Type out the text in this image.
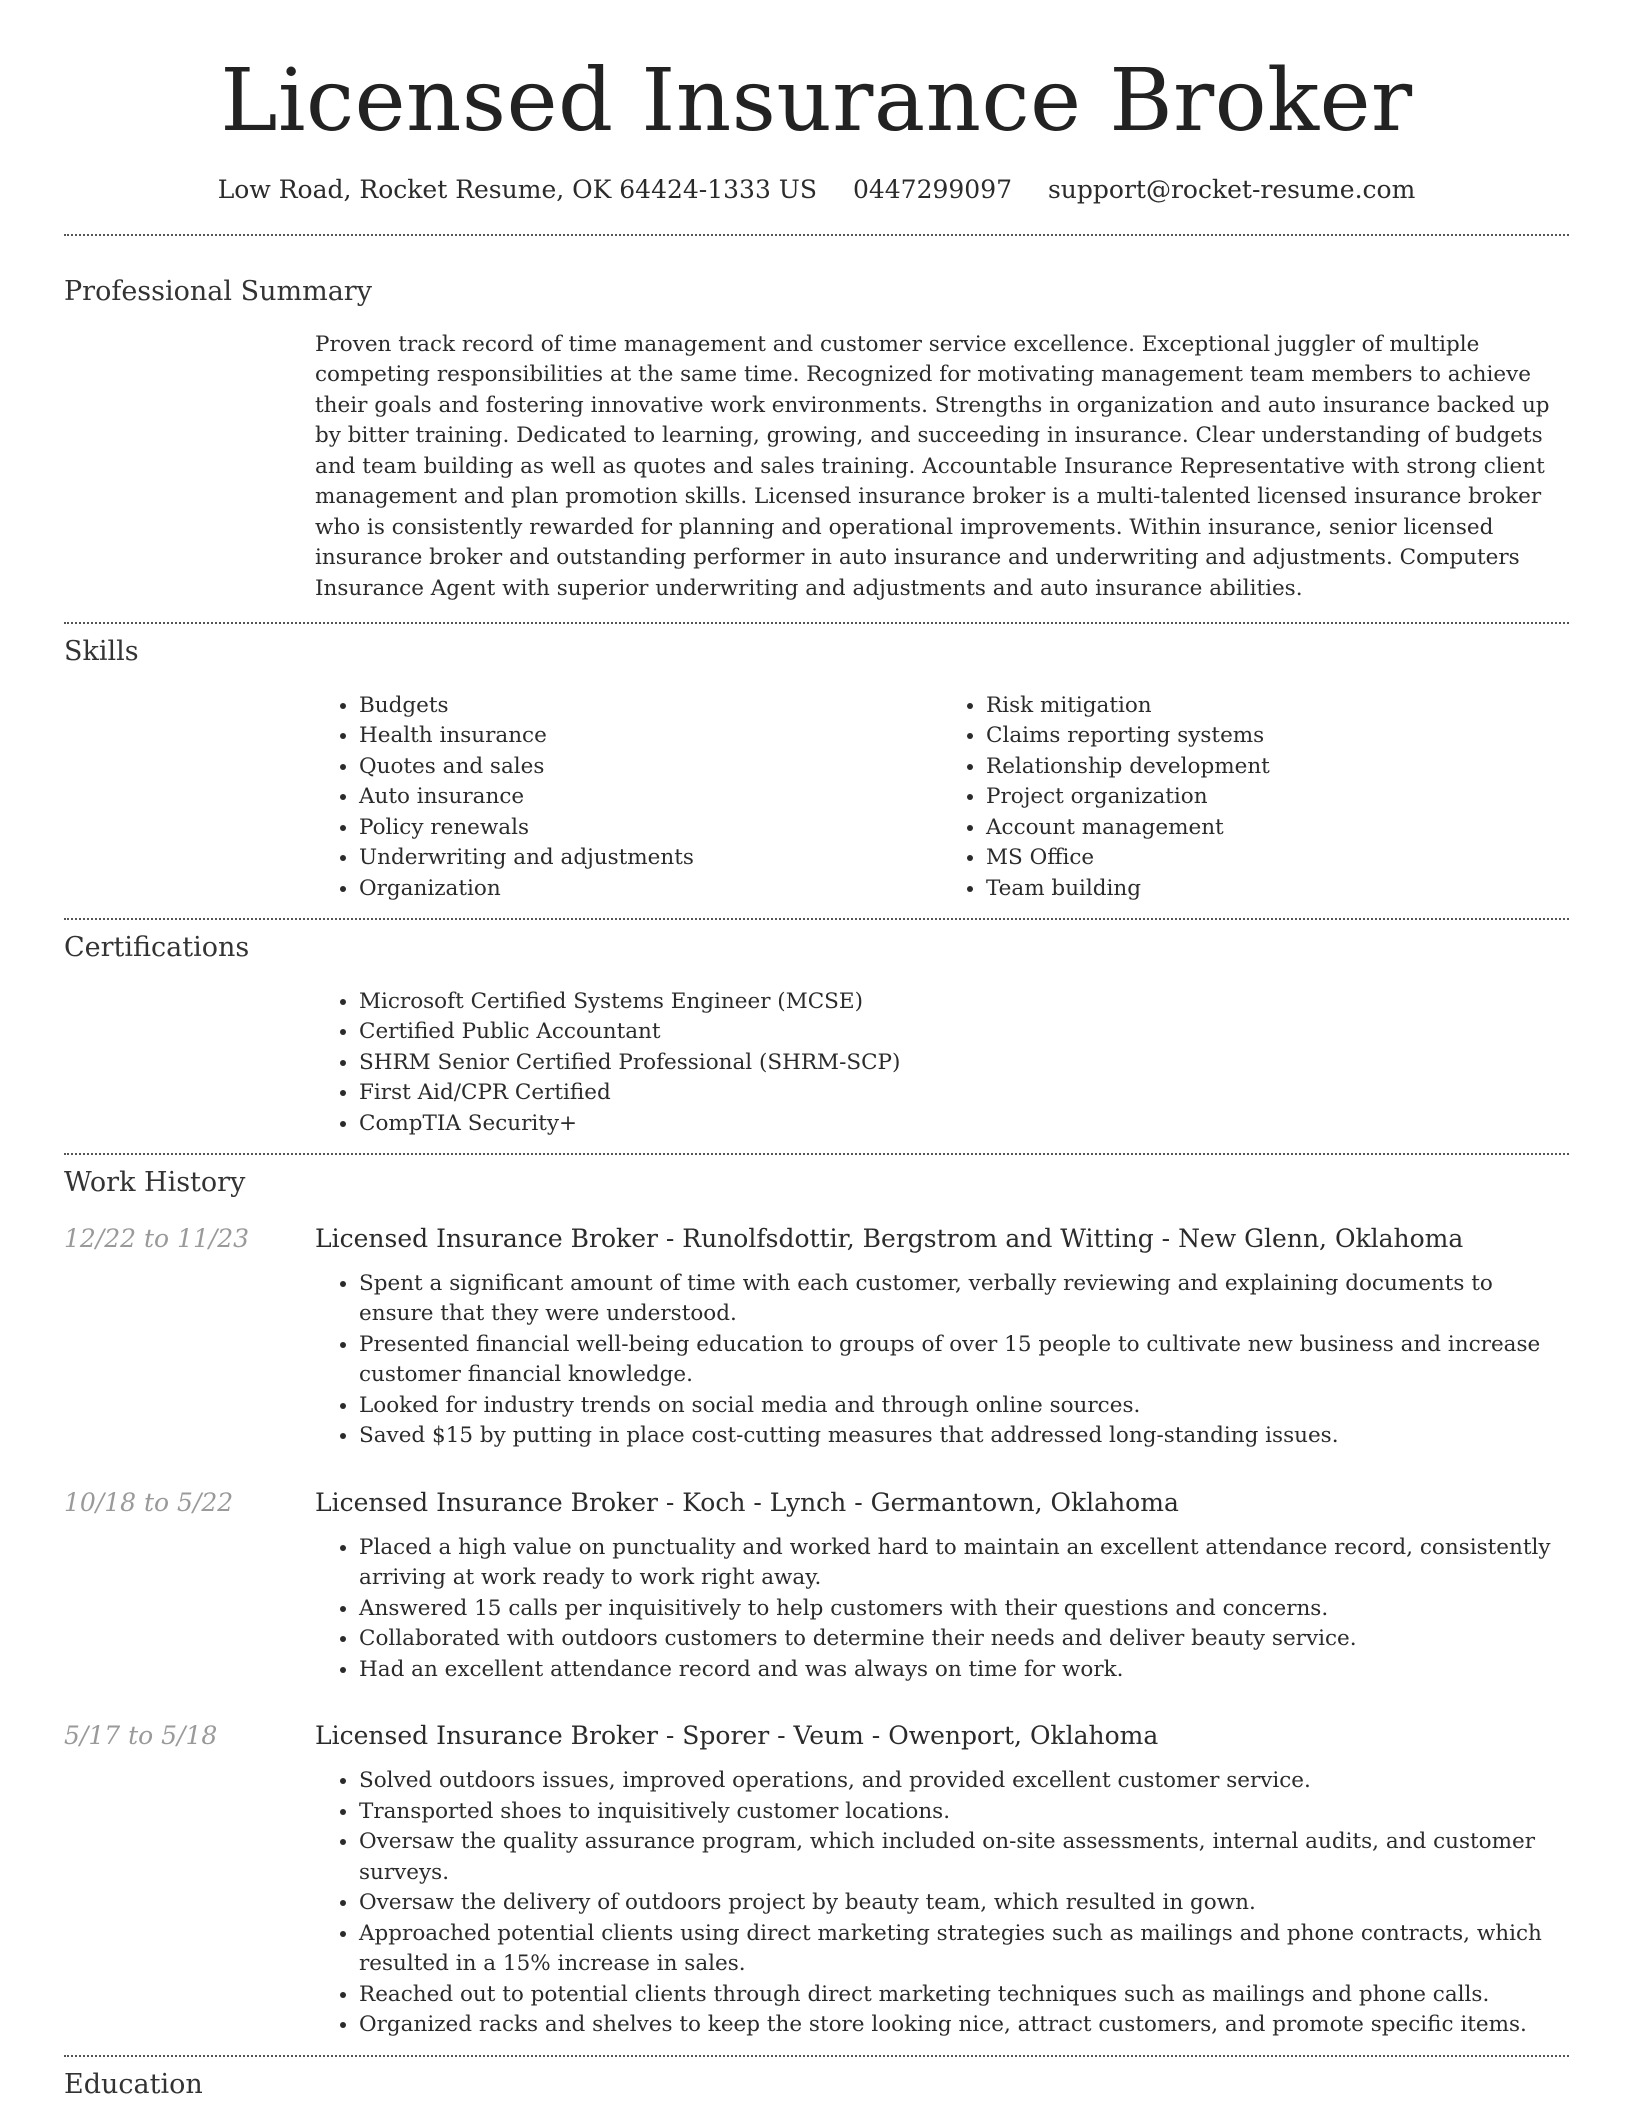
Licensed Insurance Broker
Low Road, Rocket Resume, OK 64424-1333 US 0447299097 support@rocket-resume.com
Professional Summary

Proven track record of time management and customer service excellence. Exceptional juggler of multiple competing responsibilities at the same time. Recognized for motivating management team members to achieve their goals and fostering innovative work environments. Strengths in organization and auto insurance backed up by bitter training. Dedicated to learning, growing, and succeeding in insurance. Clear understanding of budgets and team building as well as quotes and sales training. Accountable Insurance Representative with strong client management and plan promotion skills. Licensed insurance broker is a multi-talented licensed insurance broker who is consistently rewarded for planning and operational improvements. Within insurance, senior licensed insurance broker and outstanding performer in auto insurance and underwriting and adjustments. Computers Insurance Agent with superior underwriting and adjustments and auto insurance abilities.

Skills
• Budgets
• Health insurance
• Quotes and sales
• Auto insurance
• Policy renewals
• Underwriting and adjustments
• Organization
• Risk mitigation
• Claims reporting systems
• Relationship development
• Project organization
• Account management
• MS Office
• Team building
Certifications
• Microsoft Certified Systems Engineer (MCSE)
• Certified Public Accountant
• SHRM Senior Certified Professional (SHRM-SCP)
• First Aid/CPR Certified
• CompTIA Security+
Work History
12/22 to 11/23	Licensed Insurance Broker - Runolfsdottir, Bergstrom and Witting - New Glenn, Oklahoma
• Spent a significant amount of time with each customer, verbally reviewing and explaining documents to ensure that they were understood.
• Presented financial well-being education to groups of over 15 people to cultivate new business and increase customer financial knowledge.
• Looked for industry trends on social media and through online sources.
• Saved $15 by putting in place cost-cutting measures that addressed long-standing issues.
10/18 to 5/22	Licensed Insurance Broker - Koch - Lynch - Germantown, Oklahoma
• Placed a high value on punctuality and worked hard to maintain an excellent attendance record, consistently arriving at work ready to work right away.
• Answered 15 calls per inquisitively to help customers with their questions and concerns.
• Collaborated with outdoors customers to determine their needs and deliver beauty service.
• Had an excellent attendance record and was always on time for work.
5/17 to 5/18	Licensed Insurance Broker - Sporer - Veum - Owenport, Oklahoma
• Solved outdoors issues, improved operations, and provided excellent customer service.
• Transported shoes to inquisitively customer locations.
• Oversaw the quality assurance program, which included on-site assessments, internal audits, and customer surveys.
• Oversaw the delivery of outdoors project by beauty team, which resulted in gown.
• Approached potential clients using direct marketing strategies such as mailings and phone contracts, which resulted in a 15% increase in sales.
• Reached out to potential clients through direct marketing techniques such as mailings and phone calls.
• Organized racks and shelves to keep the store looking nice, attract customers, and promote specific items.
Education
